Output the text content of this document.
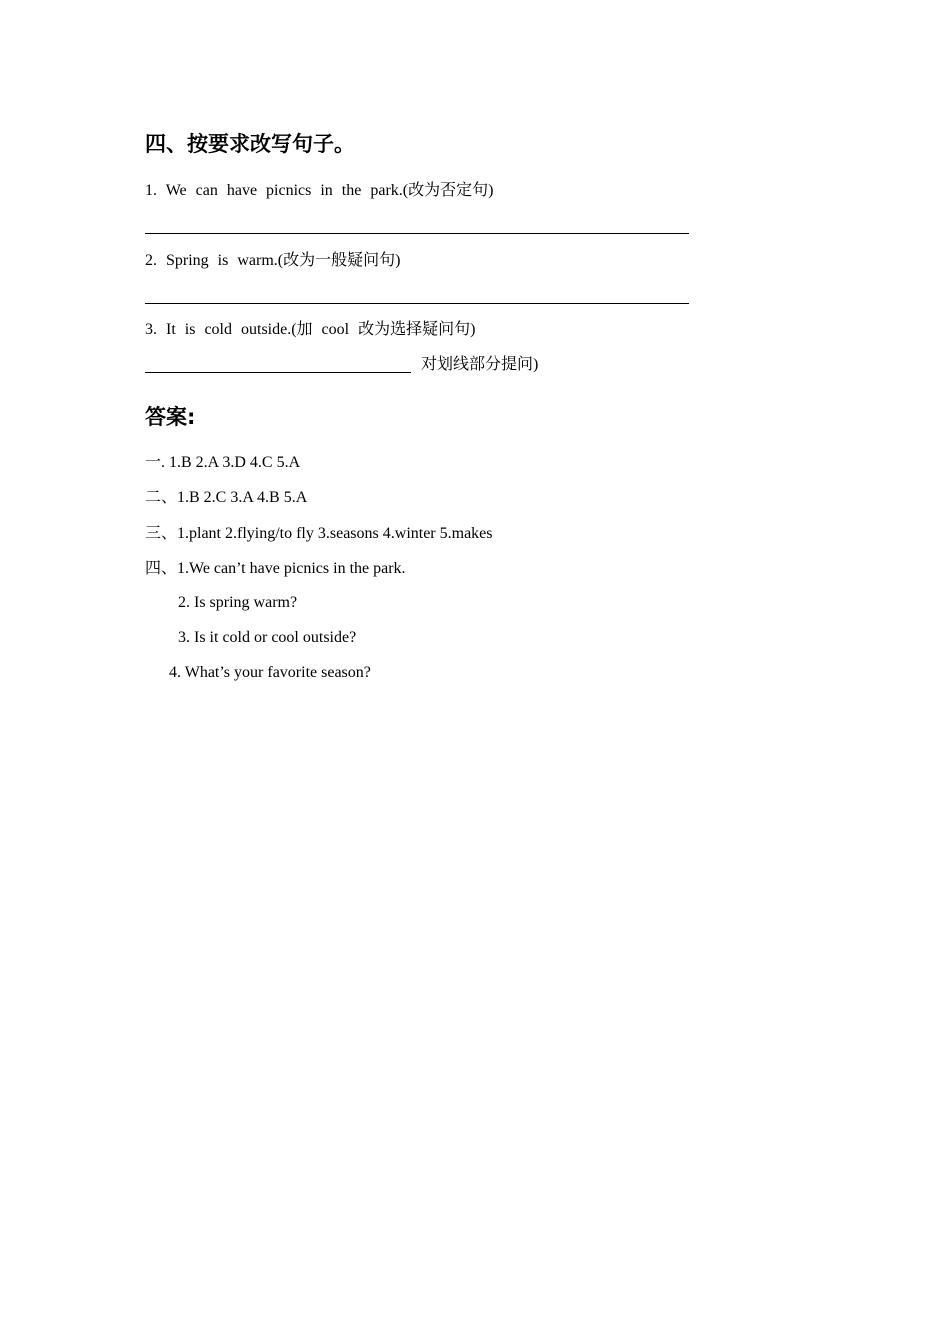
四、按要求改写句子。
1. We can have picnics in the park.(改为否定句)
2. Spring is warm.(改为一般疑问句)
3. It is cold outside.(加 cool 改为选择疑问句)
对划线部分提问)
答案:
一. 1.B 2.A 3.D 4.C 5.A
二、1.B 2.C 3.A 4.B 5.A
三、1.plant 2.flying/to fly 3.seasons 4.winter 5.makes
四、1.We can’t have picnics in the park.
2. Is spring warm?
3. Is it cold or cool outside?
4. What’s your favorite season?
